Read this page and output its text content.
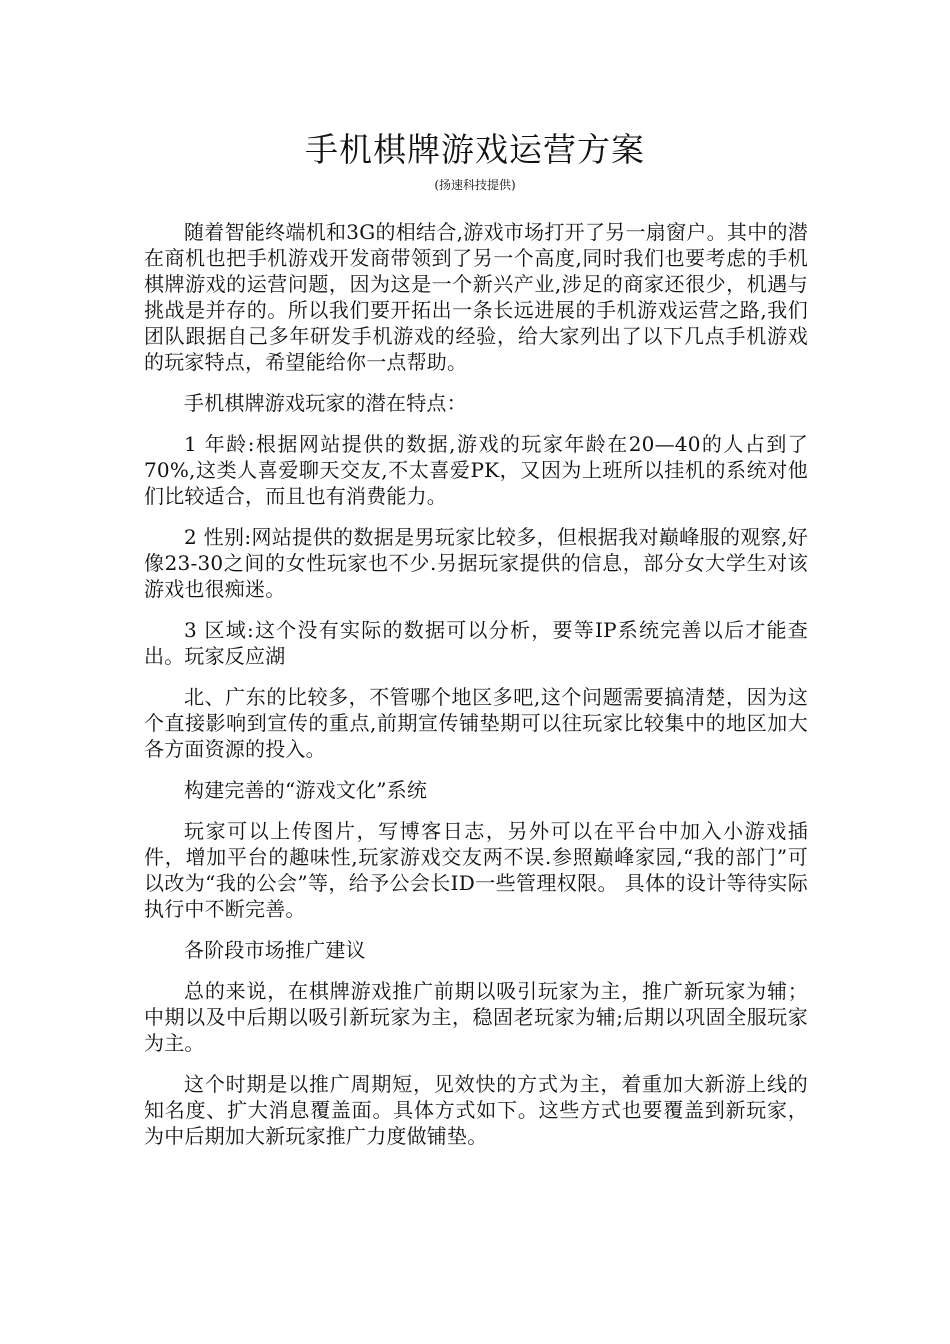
手机棋牌游戏运营方案

(扬速科技提供)

随着智能终端机和3G的相结合,游戏市场打开了另一扇窗户。其中的潜在商机也把手机游戏开发商带领到了另一个高度,同时我们也要考虑的手机棋牌游戏的运营问题，因为这是一个新兴产业,涉足的商家还很少，机遇与挑战是并存的。所以我们要开拓出一条长远进展的手机游戏运营之路,我们团队跟据自己多年研发手机游戏的经验，给大家列出了以下几点手机游戏的玩家特点，希望能给你一点帮助。

手机棋牌游戏玩家的潜在特点：

1 年龄:根据网站提供的数据,游戏的玩家年龄在20—40的人占到了70%,这类人喜爱聊天交友,不太喜爱PK，又因为上班所以挂机的系统对他们比较适合，而且也有消费能力。

2 性别:网站提供的数据是男玩家比较多，但根据我对巅峰服的观察,好像23-30之间的女性玩家也不少.另据玩家提供的信息，部分女大学生对该游戏也很痴迷。

3 区域:这个没有实际的数据可以分析，要等IP系统完善以后才能查出。玩家反应湖

北、广东的比较多，不管哪个地区多吧,这个问题需要搞清楚，因为这个直接影响到宣传的重点,前期宣传铺垫期可以往玩家比较集中的地区加大各方面资源的投入。

构建完善的“游戏文化”系统

玩家可以上传图片，写博客日志，另外可以在平台中加入小游戏插件，增加平台的趣味性,玩家游戏交友两不误.参照巅峰家园,“我的部门”可以改为“我的公会”等，给予公会长ID一些管理权限。 具体的设计等待实际执行中不断完善。

各阶段市场推广建议

总的来说，在棋牌游戏推广前期以吸引玩家为主，推广新玩家为辅；中期以及中后期以吸引新玩家为主，稳固老玩家为辅;后期以巩固全服玩家为主。

这个时期是以推广周期短，见效快的方式为主，着重加大新游上线的知名度、扩大消息覆盖面。具体方式如下。这些方式也要覆盖到新玩家，为中后期加大新玩家推广力度做铺垫。
